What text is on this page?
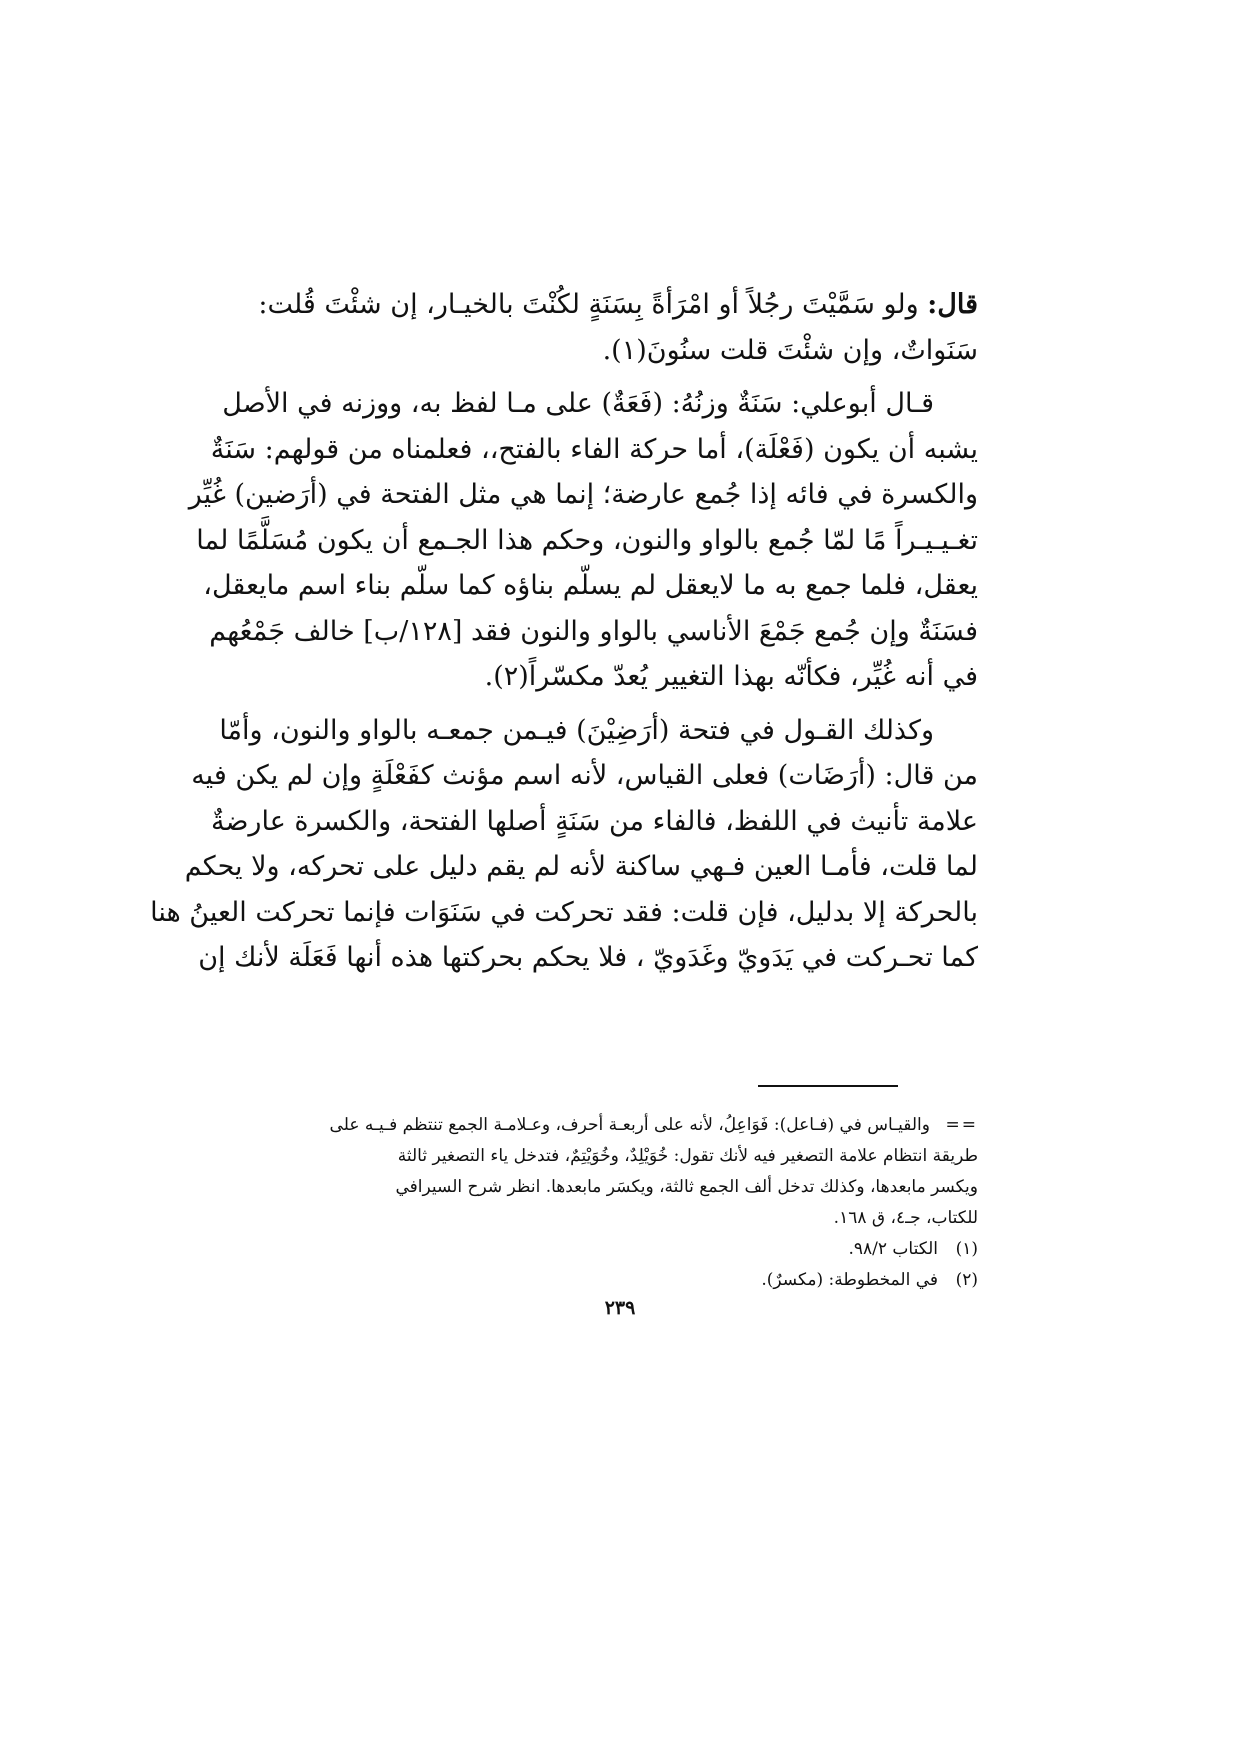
قال: ولو سَمَّيْتَ رجُلاً أو امْرَأةً بِسَنَةٍ لكُنْتَ بالخيـار، إن شئْتَ قُلت:
سَنَواتٌ، وإن شئْتَ قلت سنُونَ(١).
قـال أبوعلي: سَنَةٌ وزنُهُ: (فَعَةٌ) على مـا لفظ به، ووزنه في الأصل
يشبه أن يكون (فَعْلَة)، أما حركة الفاء بالفتح،، فعلمناه من قولهم: سَنَةٌ
والكسرة في فائه إذا جُمع عارضة؛ إنما هي مثل الفتحة في (أرَضين) غُيِّر
تغـيـيـراً مًا لمّا جُمع بالواو والنون، وحكم هذا الجـمع أن يكون مُسَلَّمًا لما
يعقل، فلما جمع به ما لايعقل لم يسلّم بناؤه كما سلّم بناء اسم مايعقل،
فسَنَةٌ وإن جُمع جَمْعَ الأناسي بالواو والنون فقد [١٢٨/ب] خالف جَمْعُهم
في أنه غُيِّر، فكأنّه بهذا التغيير يُعدّ مكسّراً(٢).
وكذلك القـول في فتحة (أرَضِيْنَ) فيـمن جمعـه بالواو والنون، وأمّا
من قال: (أرَضَات) فعلى القياس، لأنه اسم مؤنث كفَعْلَةٍ وإن لم يكن فيه
علامة تأنيث في اللفظ، فالفاء من سَنَةٍ أصلها الفتحة، والكسرة عارضةٌ
لما قلت، فأمـا العين فـهي ساكنة لأنه لم يقم دليل على تحركه، ولا يحكم
بالحركة إلا بدليل، فإن قلت: فقد تحركت في سَنَوَات فإنما تحركت العينُ هنا
كما تحـركت في يَدَويّ وغَدَويّ ، فلا يحكم بحركتها هذه أنها فَعَلَة لأنك إن
==والقيـاس في (فـاعل): فَوَاعِلُ، لأنه على أربعـة أحرف، وعـلامـة الجمع تنتظم فـيـه على
طريقة انتظام علامة التصغير فيه لأنك تقول: خُوَيْلِدٌ، وخُوَيْتِمٌ، فتدخل ياء التصغير ثالثة
ويكسر مابعدها، وكذلك تدخل ألف الجمع ثالثة، ويكسَر مابعدها. انظر شرح السيرافي
للكتاب، جـ٤، ق ١٦٨.
(١)الكتاب ٩٨/٢.
(٢)في المخطوطة: (مكسرٌ).
٢٣٩
